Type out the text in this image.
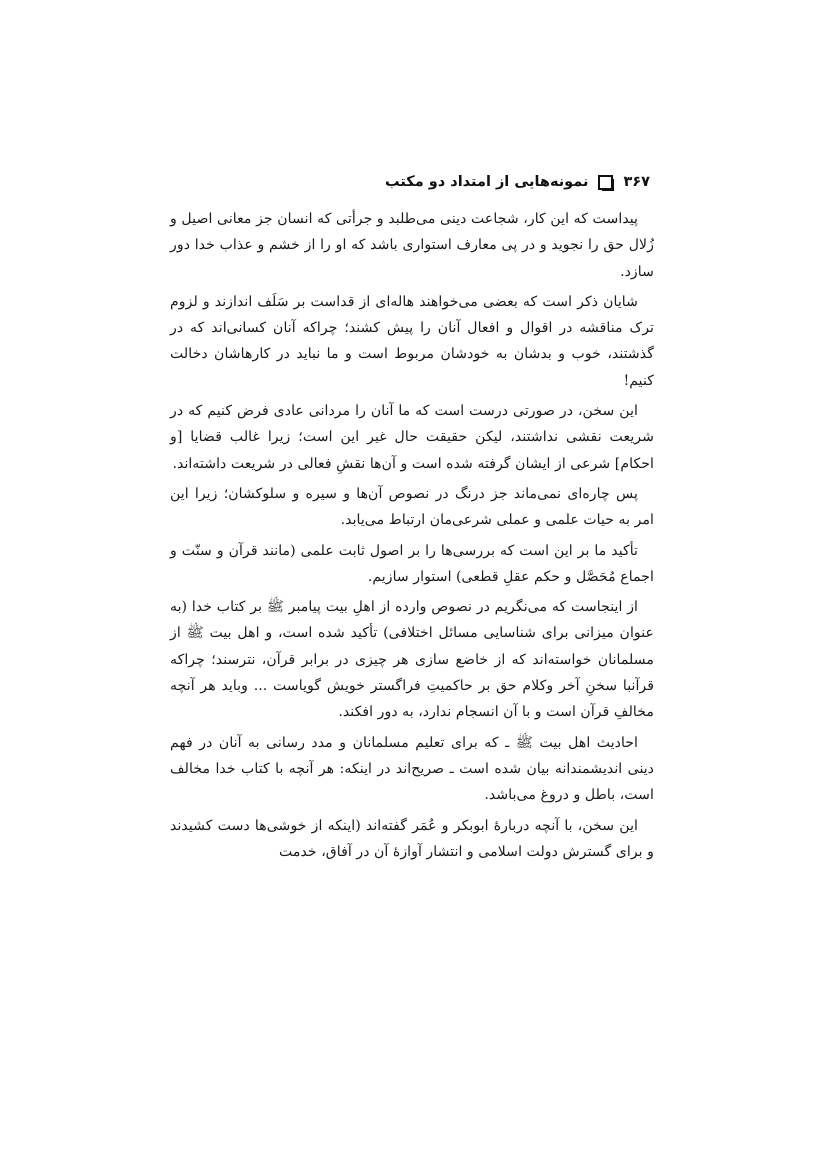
۳۶۷
نمونه‌هایی از امتداد دو مکتب

پیداست که این کار، شجاعت دینی می‌طلبد و جرأتی که انسان جز معانی اصیل و زُلال حق را نجوید و در پی معارف استواری باشد که او را از خشم و عذاب خدا دور سازد.

شایان ذکر است که بعضی می‌خواهند هاله‌ای از قداست بر سَلَف اندازند و لزوم ترک مناقشه در اقوال و افعال آنان را پیش کشند؛ چراکه آنان کسانی‌اند که در گذشتند، خوب و بدشان به خودشان مربوط است و ما نباید در کارهاشان دخالت کنیم!

این سخن، در صورتی درست است که ما آنان را مردانی عادی فرض کنیم که در شریعت نقشی نداشتند، لیکن حقیقت حال غیر این است؛ زیرا غالب قضایا [و احکام] شرعی از ایشان گرفته شده است و آن‌ها نقشِ فعالی در شریعت داشته‌اند.

پس چاره‌ای نمی‌ماند جز درنگ در نصوص آن‌ها و سیره و سلوکشان؛ زیرا این امر به حیات علمی و عملی شرعی‌مان ارتباط می‌یابد.

تأکید ما بر این است که بررسی‌ها را بر اصول ثابت علمی (مانند قرآن و سنّت و اجماع مُحَصَّل و حکم عقلِ قطعی) استوار سازیم.

از اینجاست که می‌نگریم در نصوص وارده از اهلِ بیت پیامبر ﷺ بر کتاب خدا (به عنوان میزانی برای شناسایی مسائل اختلافی) تأکید شده است، و اهل بیت ﷺ از مسلمانان خواسته‌اند که از خاضع سازی هر چیزی در برابر قرآن، نترسند؛ چراکه قرآنبا سخنِ آخر وکلام حق بر حاکمیتِ فراگستر خویش گویاست ... وباید هر آنچه مخالفِ قرآن است و با آن انسجام ندارد، به دور افکند.

احادیث اهل بیت ﷺ ـ که برای تعلیم مسلمانان و مدد رسانی به آنان در فهم دینی اندیشمندانه بیان شده است ـ صریح‌اند در اینکه: هر آنچه با کتاب خدا مخالف است، باطل و دروغ می‌باشد.

این سخن، با آنچه دربارهٔ ابوبکر و عُمَر گفته‌اند (اینکه از خوشی‌ها دست کشیدند و برای گسترش دولت اسلامی و انتشار آوازهٔ آن در آفاق، خدمت
